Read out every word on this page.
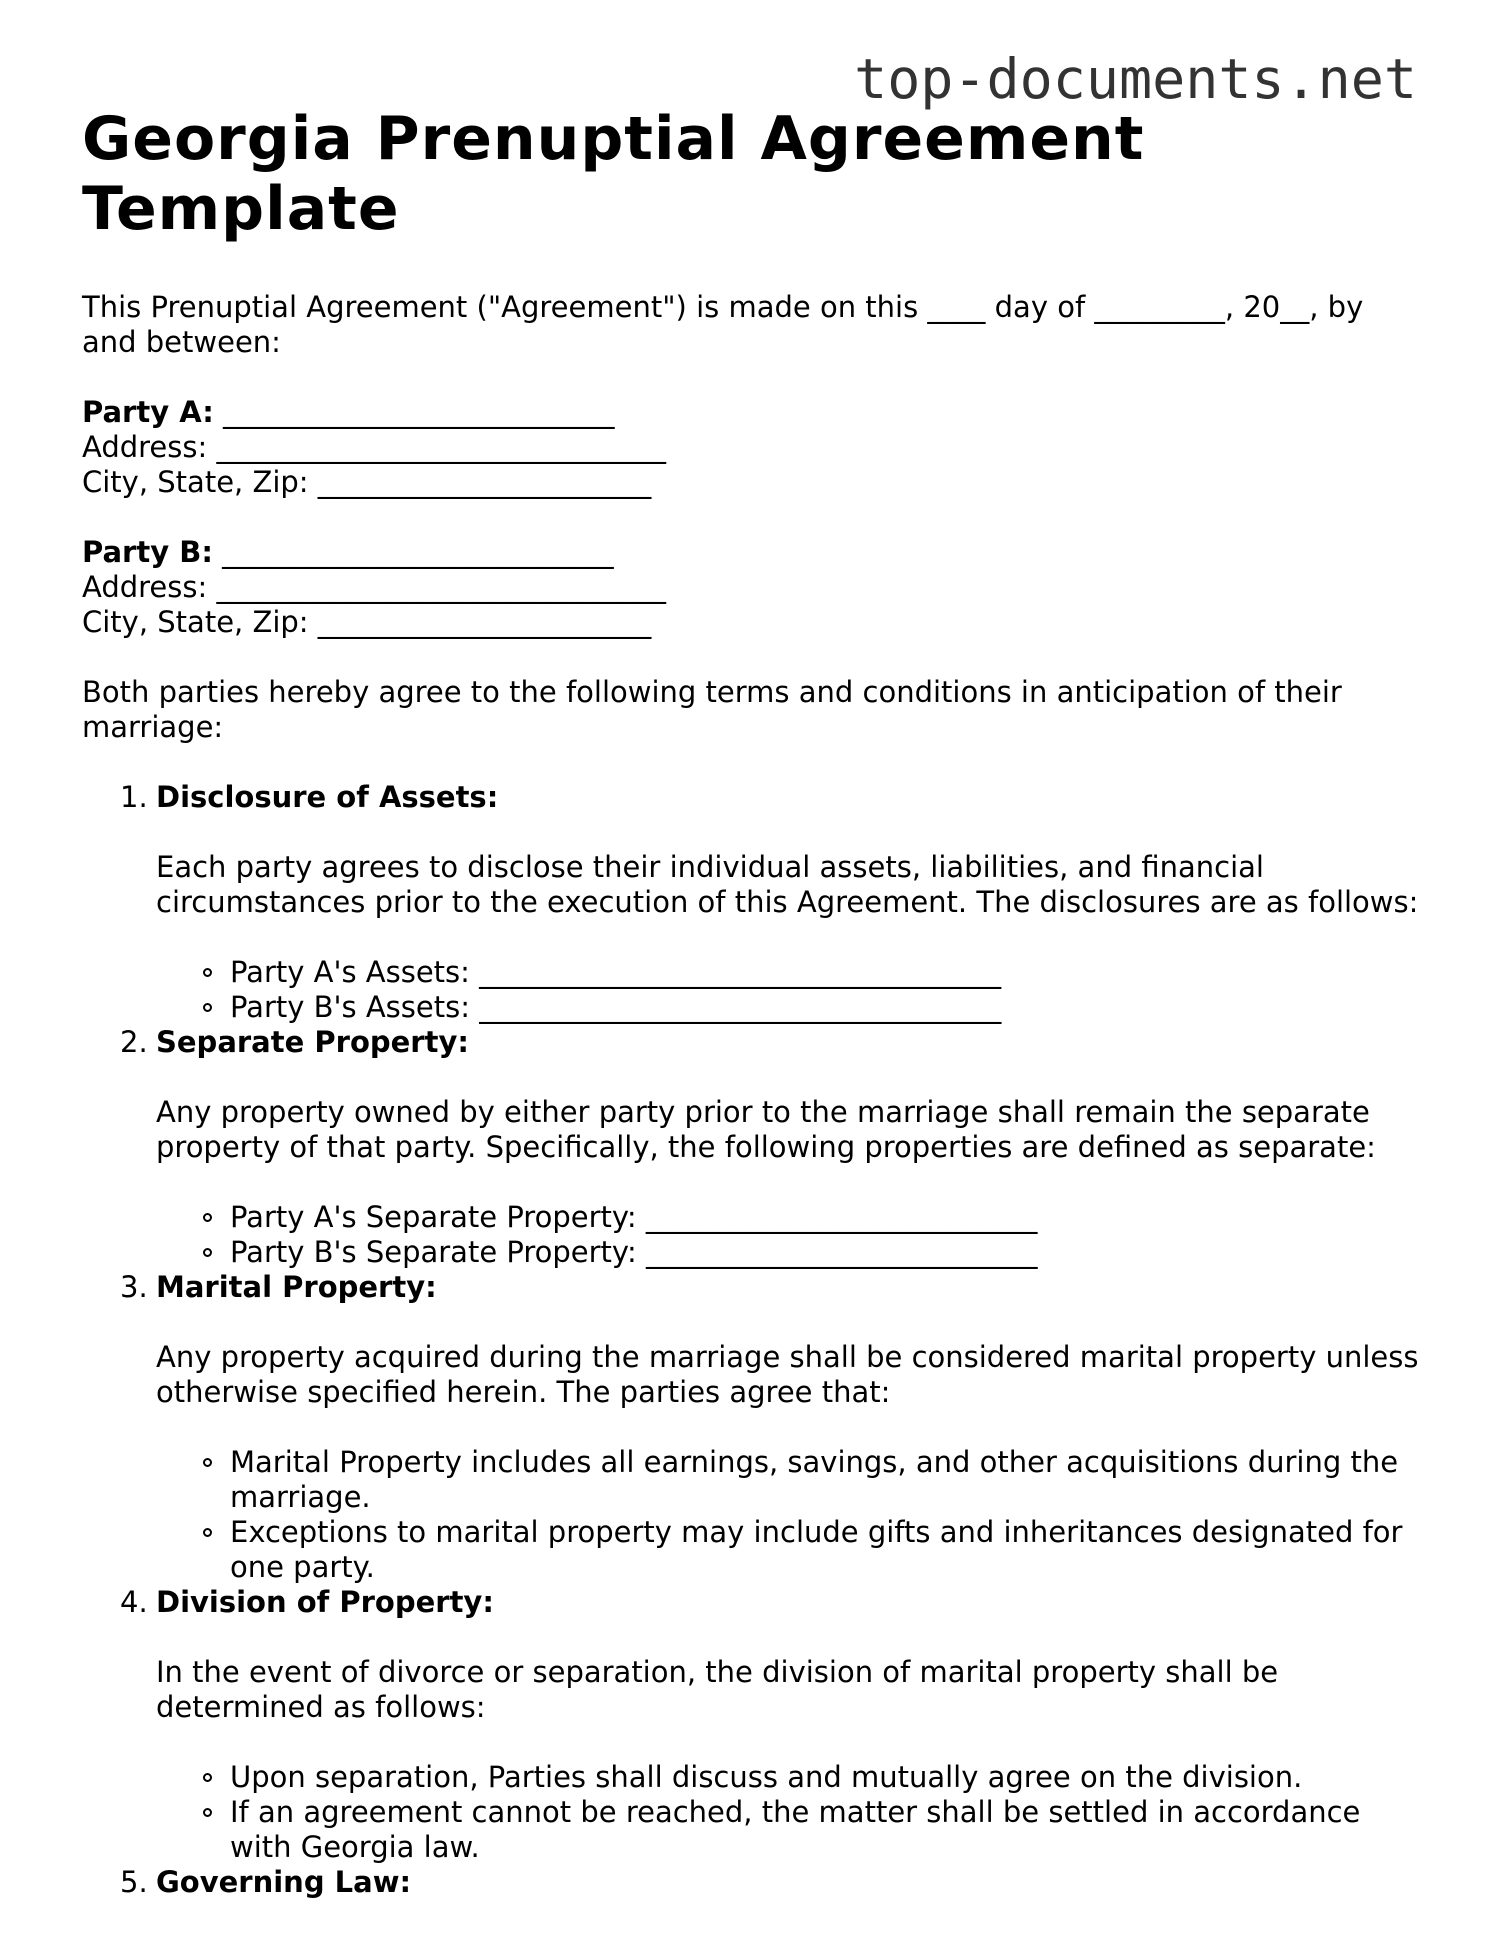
top-documents.net
Georgia Prenuptial Agreement Template

This Prenuptial Agreement ("Agreement") is made on this ____ day of _________, 20__, by and between:

Party A: ___________________________
Address: _______________________________
City, State, Zip: _______________________
Party B: ___________________________
Address: _______________________________
City, State, Zip: _______________________

Both parties hereby agree to the following terms and conditions in anticipation of their marriage:

1. Disclosure of Assets:

Each party agrees to disclose their individual assets, liabilities, and financial circumstances prior to the execution of this Agreement. The disclosures are as follows:

Party A's Assets: ____________________________________
Party B's Assets: ____________________________________
2. Separate Property:

Any property owned by either party prior to the marriage shall remain the separate property of that party. Specifically, the following properties are defined as separate:

Party A's Separate Property: ___________________________
Party B's Separate Property: ___________________________
3. Marital Property:

Any property acquired during the marriage shall be considered marital property unless otherwise specified herein. The parties agree that:

Marital Property includes all earnings, savings, and other acquisitions during the marriage.
Exceptions to marital property may include gifts and inheritances designated for one party.
4. Division of Property:

In the event of divorce or separation, the division of marital property shall be determined as follows:

Upon separation, Parties shall discuss and mutually agree on the division.
If an agreement cannot be reached, the matter shall be settled in accordance with Georgia law.
5. Governing Law:
